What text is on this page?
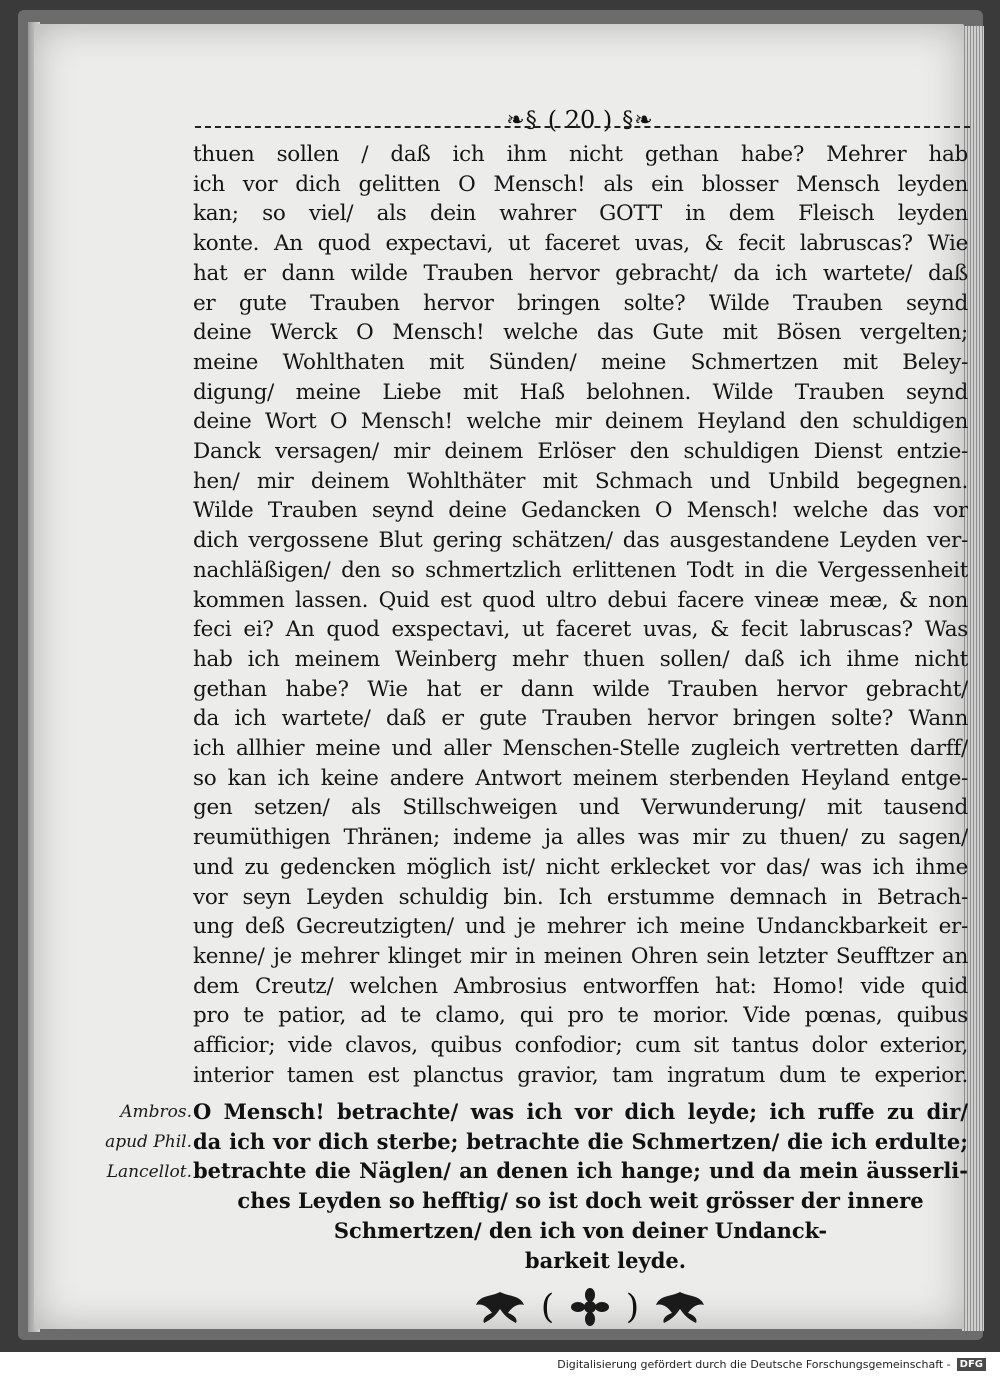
❧§ ( 20 ) §❧
thuen sollen / daß ich ihm nicht gethan habe? Mehrer hab
ich vor dich gelitten O Mensch! als ein blosser Mensch leyden
kan; so viel/ als dein wahrer GOTT in dem Fleisch leyden
konte. An quod expectavi, ut faceret uvas, & fecit labruscas? Wie
hat er dann wilde Trauben hervor gebracht/ da ich wartete/ daß
er gute Trauben hervor bringen solte? Wilde Trauben seynd
deine Werck O Mensch! welche das Gute mit Bösen vergelten;
meine Wohlthaten mit Sünden/ meine Schmertzen mit Beley-
digung/ meine Liebe mit Haß belohnen. Wilde Trauben seynd
deine Wort O Mensch! welche mir deinem Heyland den schuldigen
Danck versagen/ mir deinem Erlöser den schuldigen Dienst entzie-
hen/ mir deinem Wohlthäter mit Schmach und Unbild begegnen.
Wilde Trauben seynd deine Gedancken O Mensch! welche das vor
dich vergossene Blut gering schätzen/ das ausgestandene Leyden ver-
nachläßigen/ den so schmertzlich erlittenen Todt in die Vergessenheit
kommen lassen. Quid est quod ultro debui facere vineæ meæ, & non
feci ei? An quod exspectavi, ut faceret uvas, & fecit labruscas? Was
hab ich meinem Weinberg mehr thuen sollen/ daß ich ihme nicht
gethan habe? Wie hat er dann wilde Trauben hervor gebracht/
da ich wartete/ daß er gute Trauben hervor bringen solte? Wann
ich allhier meine und aller Menschen-Stelle zugleich vertretten darff/
so kan ich keine andere Antwort meinem sterbenden Heyland entge-
gen setzen/ als Stillschweigen und Verwunderung/ mit tausend
reumüthigen Thränen; indeme ja alles was mir zu thuen/ zu sagen/
und zu gedencken möglich ist/ nicht erklecket vor das/ was ich ihme
vor seyn Leyden schuldig bin. Ich erstumme demnach in Betrach-
ung deß Gecreutzigten/ und je mehrer ich meine Undanckbarkeit er-
kenne/ je mehrer klinget mir in meinen Ohren sein letzter Seufftzer an
dem Creutz/ welchen Ambrosius entworffen hat: Homo! vide quid
pro te patior, ad te clamo, qui pro te morior. Vide pœnas, quibus
afficior; vide clavos, quibus confodior; cum sit tantus dolor exterior,
interior tamen est planctus gravior, tam ingratum dum te experior.
Ambros.
apud Phil.
Lancellot.
O Mensch! betrachte/ was ich vor dich leyde; ich ruffe zu dir/
da ich vor dich sterbe; betrachte die Schmertzen/ die ich erdulte;
betrachte die Näglen/ an denen ich hange; und da mein äusserli-
ches Leyden so hefftig/ so ist doch weit grösser der innere
Schmertzen/ den ich von deiner Undanck-
barkeit leyde.
( )
Digitalisierung gefördert durch die Deutsche Forschungsgemeinschaft - DFG
